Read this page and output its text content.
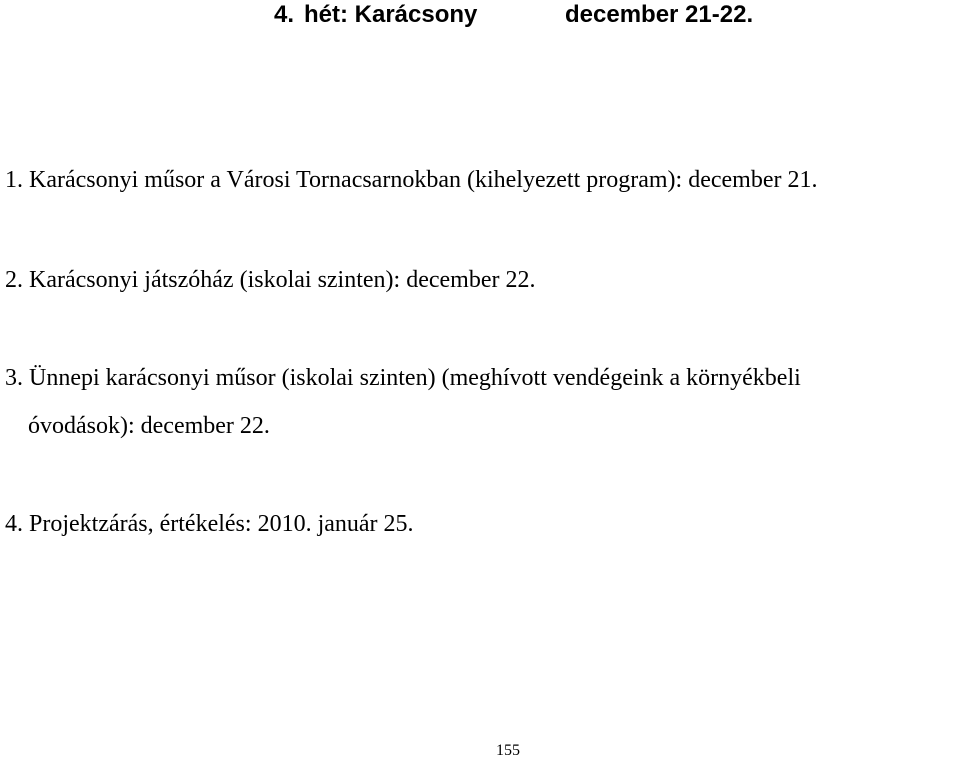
4. hét: Karácsony	december 21-22.
1. Karácsonyi műsor a Városi Tornacsarnokban (kihelyezett program): december 21.
2. Karácsonyi játszóház (iskolai szinten): december 22.
3. Ünnepi karácsonyi műsor (iskolai szinten) (meghívott vendégeink a környékbeli
óvodások): december 22.
4. Projektzárás, értékelés: 2010. január 25.
155
